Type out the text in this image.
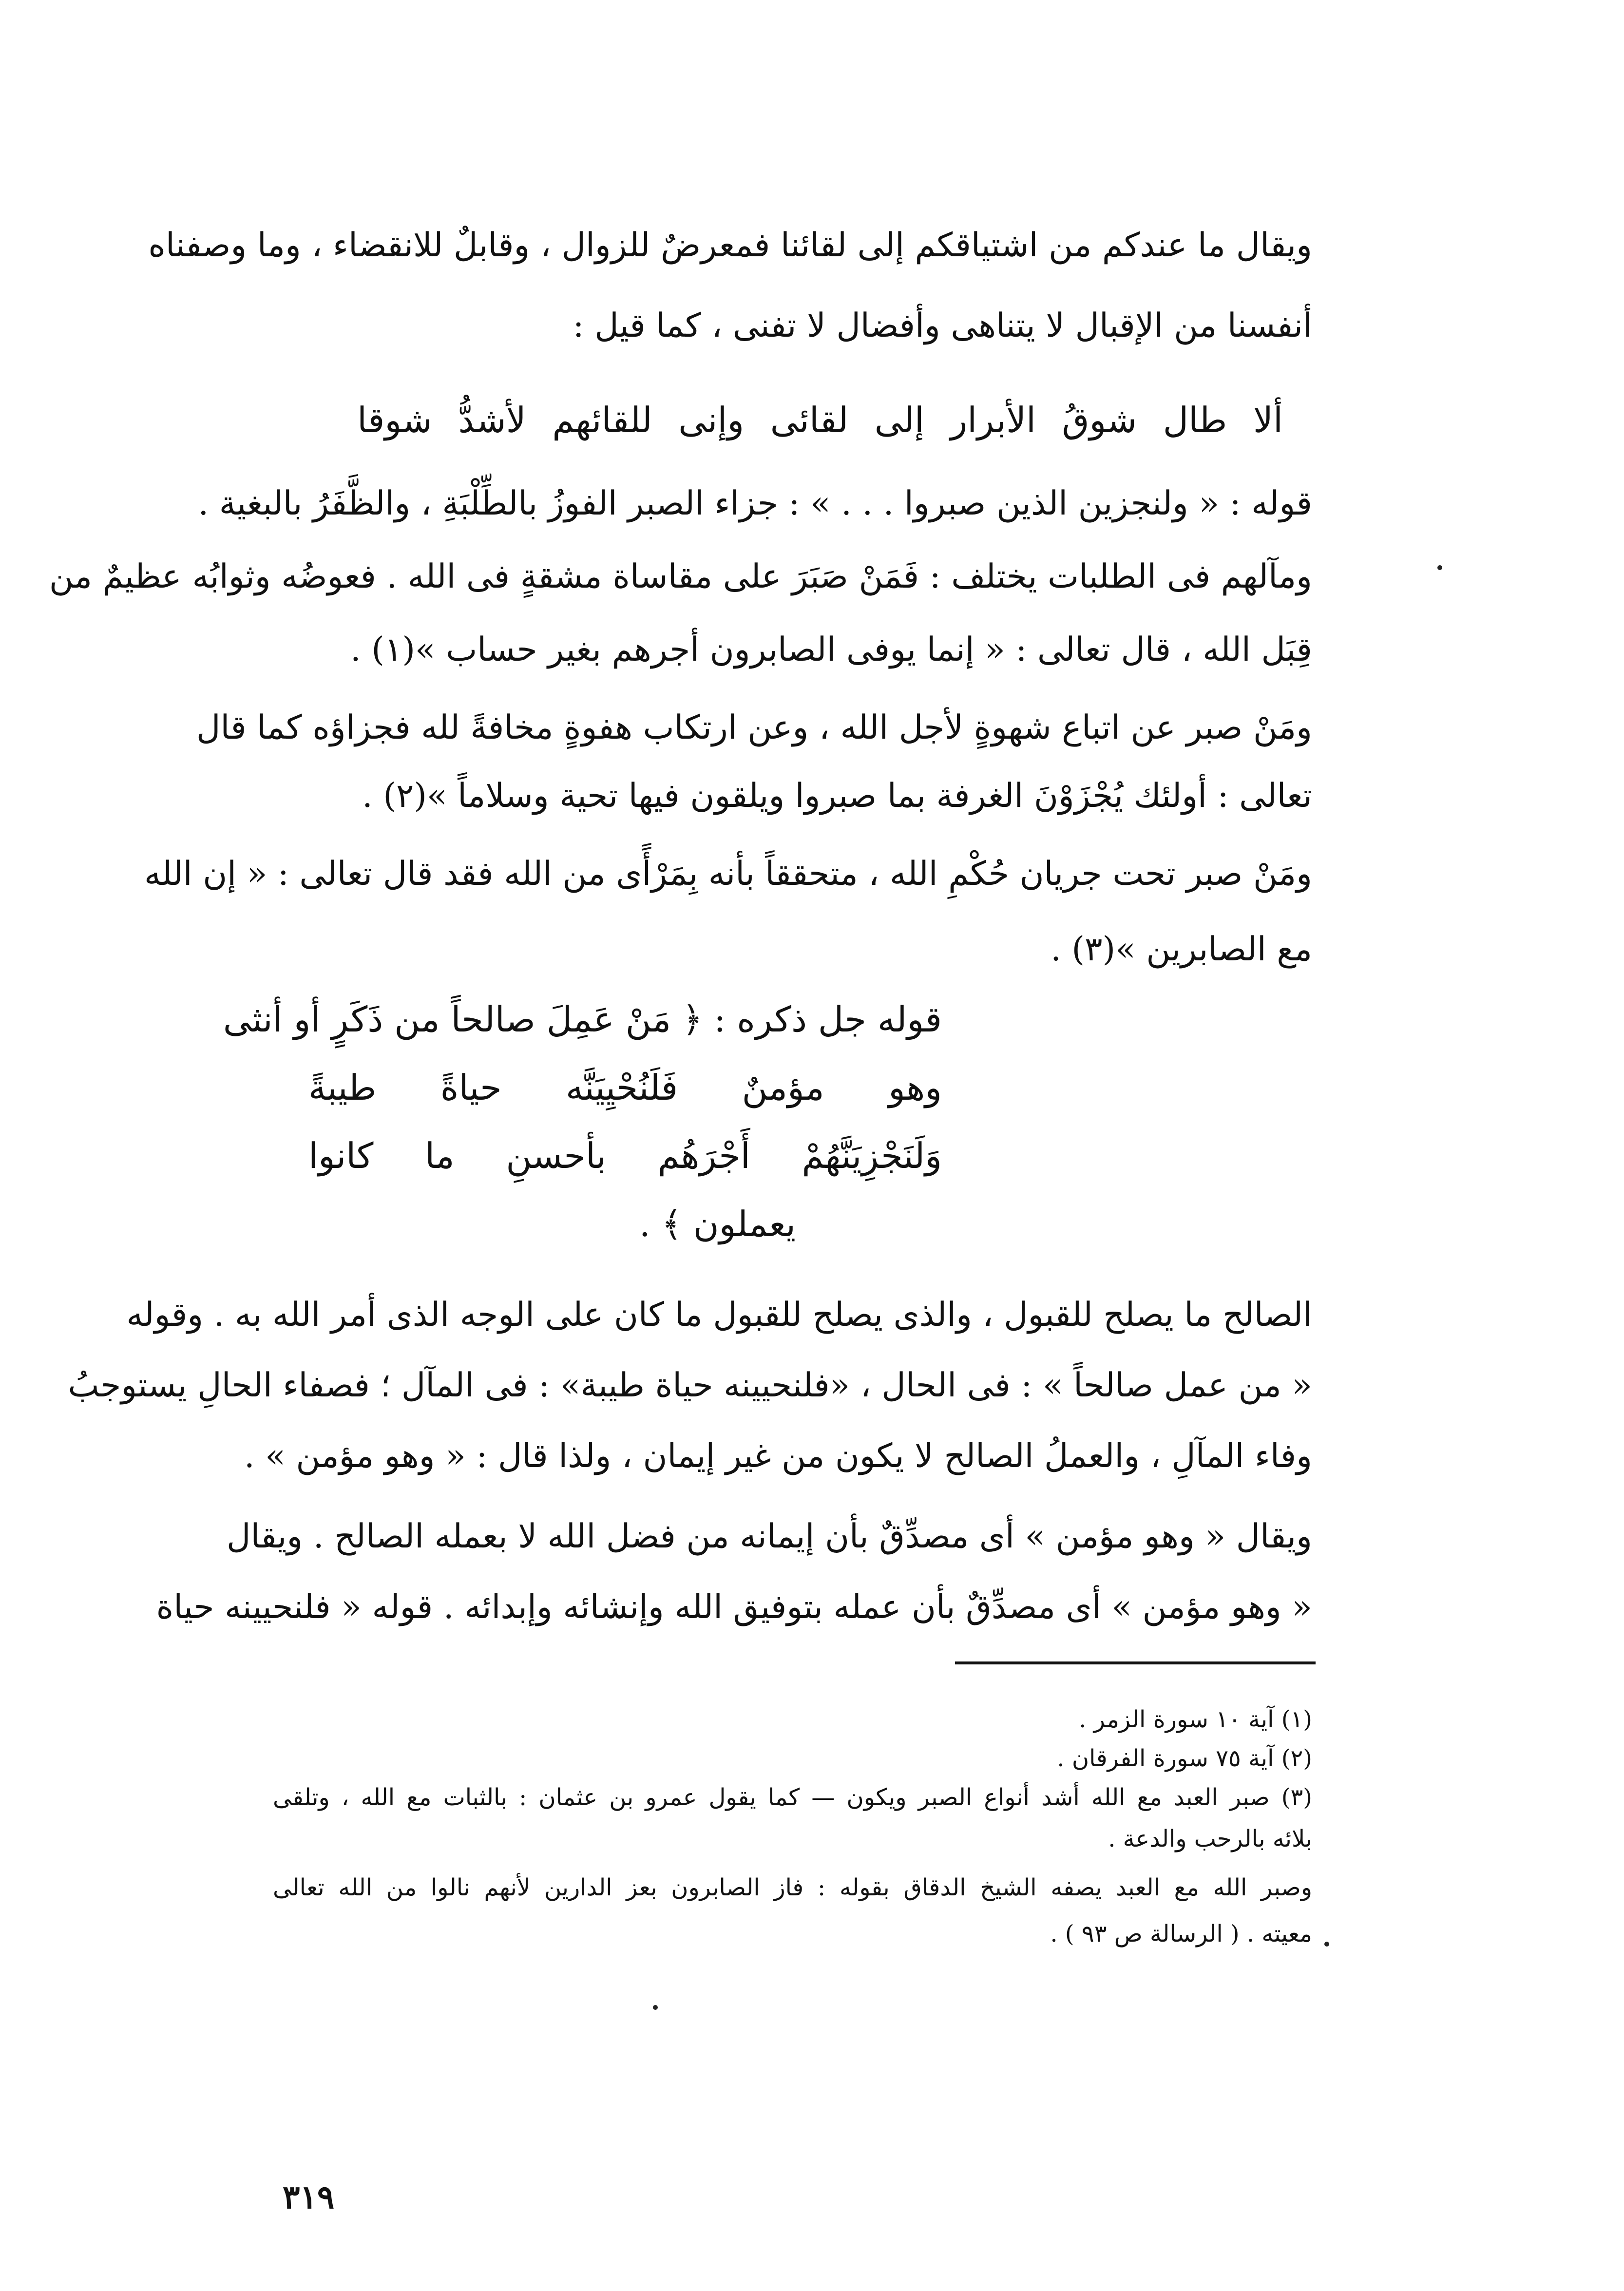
ويقال ما عندكم من اشتياقكم إلى لقائنا فمعرضٌ للزوال ، وقابلٌ للانقضاء ، وما وصفناه
أنفسنا من الإقبال لا يتناهى وأفضال لا تفنى ، كما قيل :
ألا طال شوقُ الأبرار إلى لقائى وإنى للقائهم لأشدُّ شوقا
قوله : « ولنجزين الذين صبروا . . . » : جزاء الصبر الفوزُ بالطِّلْبَةِ ، والظَّفَرُ بالبغية .
ومآلهم فى الطلبات يختلف : فَمَنْ صَبَرَ على مقاساة مشقةٍ فى الله . فعوضُه وثوابُه عظيمٌ من
قِبَل الله ، قال تعالى : « إنما يوفى الصابرون أجرهم بغير حساب »(١) .
ومَنْ صبر عن اتباع شهوةٍ لأجل الله ، وعن ارتكاب هفوةٍ مخافةً لله فجزاؤه كما قال
تعالى : أولئك يُجْزَوْنَ الغرفة بما صبروا ويلقون فيها تحية وسلاماً »(٢) .
ومَنْ صبر تحت جريان حُكْمِ الله ، متحققاً بأنه بِمَرْأًى من الله فقد قال تعالى : « إن الله
مع الصابرين »(٣) .
قوله جل ذكره : ﴿ مَنْ عَمِلَ صالحاً من ذَكَرٍ أو أنثى
وهو مؤمنٌ فَلَنُحْيِيَنَّه حياةً طيبةً
وَلَنَجْزِيَنَّهُمْ أَجْرَهُم بأحسنِ ما كانوا
يعملون ﴾ .
الصالح ما يصلح للقبول ، والذى يصلح للقبول ما كان على الوجه الذى أمر الله به . وقوله
« من عمل صالحاً » : فى الحال ، «فلنحيينه حياة طيبة» : فى المآل ؛ فصفاء الحالِ يستوجبُ
وفاء المآلِ ، والعملُ الصالح لا يكون من غير إيمان ، ولذا قال : « وهو مؤمن » .
ويقال « وهو مؤمن » أى مصدِّقٌ بأن إيمانه من فضل الله لا بعمله الصالح . ويقال
« وهو مؤمن » أى مصدِّقٌ بأن عمله بتوفيق الله وإنشائه وإبدائه . قوله « فلنحيينه حياة
(١) آية ١٠ سورة الزمر .
(٢) آية ٧٥ سورة الفرقان .
(٣) صبر العبد مع الله أشد أنواع الصبر ويكون — كما يقول عمرو بن عثمان : بالثبات مع الله ، وتلقى
بلائه بالرحب والدعة .
وصبر الله مع العبد يصفه الشيخ الدقاق بقوله : فاز الصابرون بعز الدارين لأنهم نالوا من الله تعالى
معيته . ( الرسالة ص ٩٣ ) .
٣١٩
